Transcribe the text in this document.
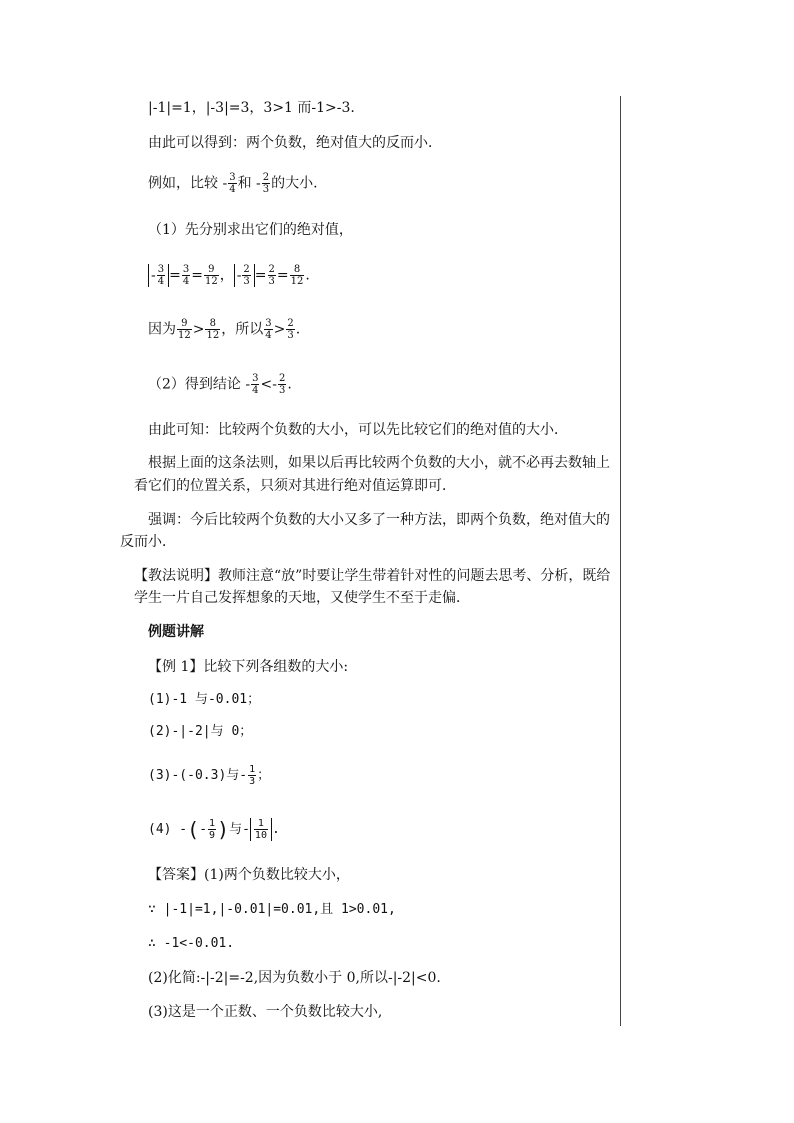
|-1|=1，|-3|=3，3>1 而-1>-3.
由此可以得到：两个负数，绝对值大的反而小．
例如，比较 - $\frac{3}{4}$ 和 - $\frac{2}{3}$ 的大小.
（1）先分别求出它们的绝对值，
- $\frac{3}{4} = \frac{3}{4} = \frac{9}{12}$ ， - $\frac{2}{3} = \frac{2}{3} = \frac{8}{12}$ .
因为 $\frac{9}{12} > \frac{8}{12}$ ，所以 $\frac{3}{4} > \frac{2}{3}$ .
（2）得到结论 - $\frac{3}{4} <- \frac{2}{3}$ .
由此可知：比较两个负数的大小，可以先比较它们的绝对值的大小．
根据上面的这条法则，如果以后再比较两个负数的大小，就不必再去数轴上
看它们的位置关系，只须对其进行绝对值运算即可．
强调：今后比较两个负数的大小又多了一种方法，即两个负数，绝对值大的
反而小．
【教法说明】教师注意“放”时要让学生带着针对性的问题去思考、分析，既给
学生一片自己发挥想象的天地，又使学生不至于走偏．
例题讲解
【例 1】比较下列各组数的大小:
(1)-1 与-0.01；
(2)-|-2|与 0；
(3)-(-0.3)与- $\frac{1}{3}$ ；
(4) -(- $\frac{1}{9}$ )与- $\frac{1}{10}$ .
【答案】(1)两个负数比较大小，
∵ |-1|=1,|-0.01|=0.01,且 1>0.01,
∴ -1<-0.01.
(2)化简:-|-2|=-2,因为负数小于 0,所以-|-2|<0.
(3)这是一个正数、一个负数比较大小,
